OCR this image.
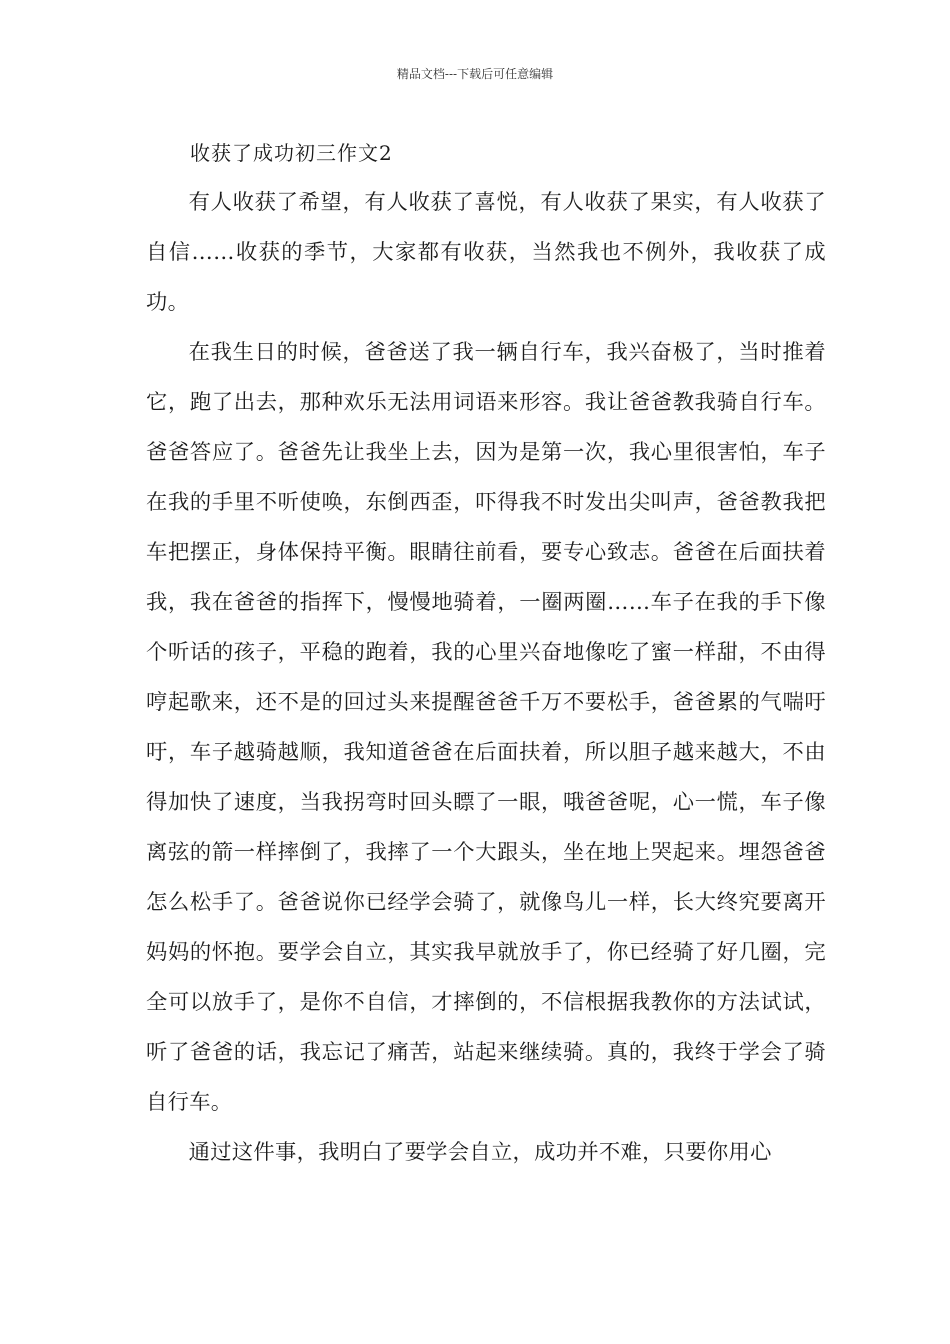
精品文档---下载后可任意编辑
收获了成功初三作文2

有人收获了希望，有人收获了喜悦，有人收获了果实，有人收获了自信……收获的季节，大家都有收获，当然我也不例外，我收获了成功。

在我生日的时候，爸爸送了我一辆自行车，我兴奋极了，当时推着它，跑了出去，那种欢乐无法用词语来形容。我让爸爸教我骑自行车。爸爸答应了。爸爸先让我坐上去，因为是第一次，我心里很害怕，车子在我的手里不听使唤，东倒西歪，吓得我不时发出尖叫声，爸爸教我把车把摆正，身体保持平衡。眼睛往前看，要专心致志。爸爸在后面扶着我，我在爸爸的指挥下，慢慢地骑着，一圈两圈……车子在我的手下像个听话的孩子，平稳的跑着，我的心里兴奋地像吃了蜜一样甜，不由得哼起歌来，还不是的回过头来提醒爸爸千万不要松手，爸爸累的气喘吁吁，车子越骑越顺，我知道爸爸在后面扶着，所以胆子越来越大，不由得加快了速度，当我拐弯时回头瞟了一眼，哦爸爸呢，心一慌，车子像离弦的箭一样摔倒了，我摔了一个大跟头，坐在地上哭起来。埋怨爸爸怎么松手了。爸爸说你已经学会骑了，就像鸟儿一样，长大终究要离开妈妈的怀抱。要学会自立，其实我早就放手了，你已经骑了好几圈，完全可以放手了，是你不自信，才摔倒的，不信根据我教你的方法试试，听了爸爸的话，我忘记了痛苦，站起来继续骑。真的，我终于学会了骑自行车。

通过这件事，我明白了要学会自立，成功并不难，只要你用心
